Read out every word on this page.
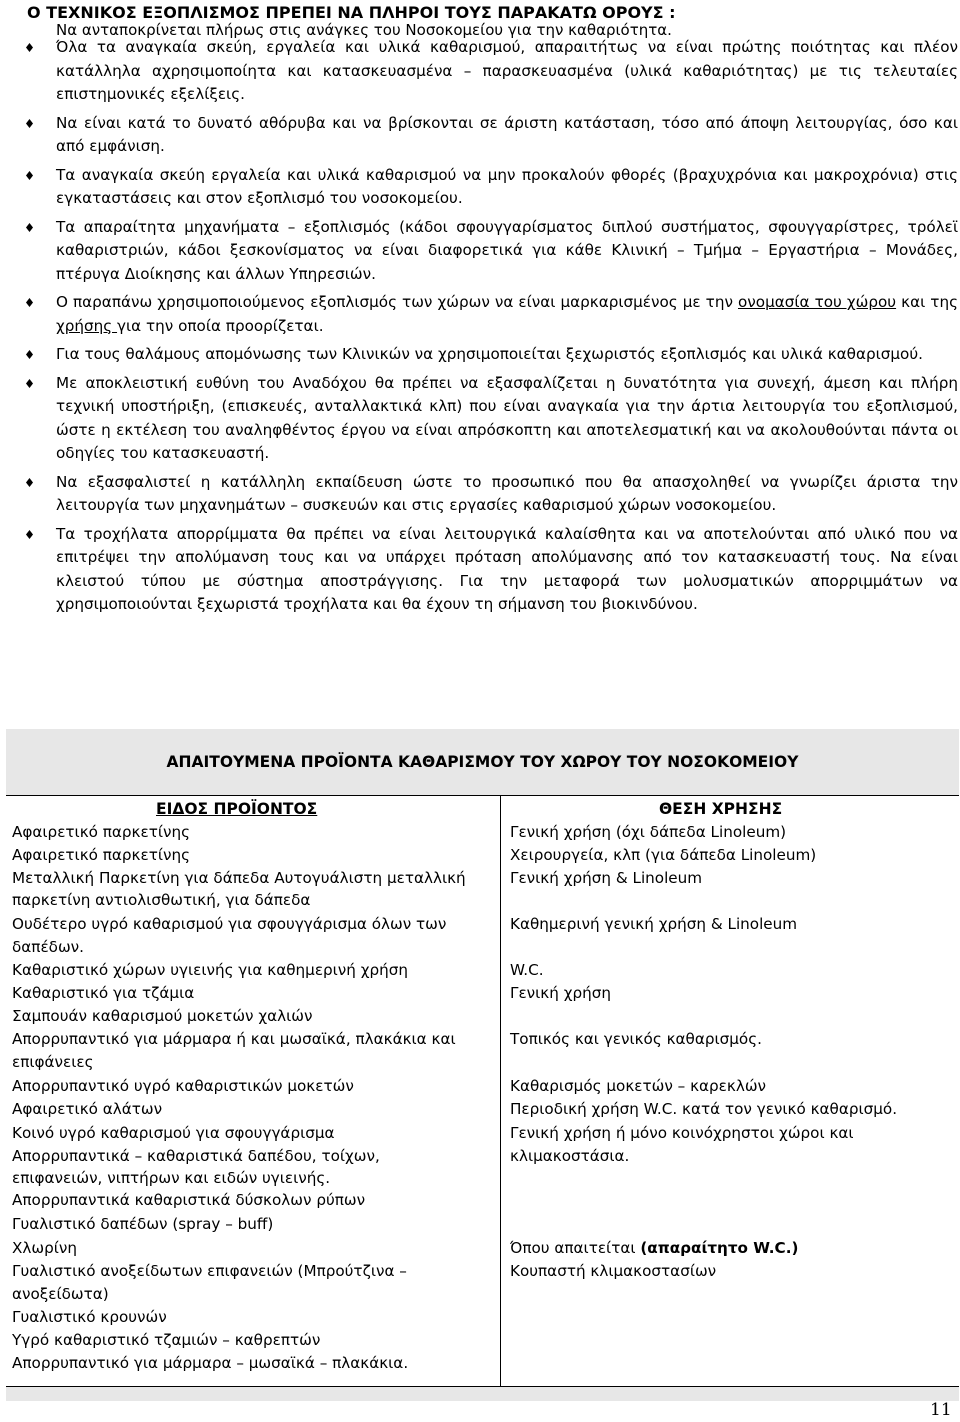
Ο ΤΕΧΝΙΚΟΣ ΕΞΟΠΛΙΣΜΟΣ ΠΡΕΠΕΙ ΝΑ ΠΛΗΡΟΙ ΤΟΥΣ ΠΑΡΑΚΑΤΩ ΟΡΟΥΣ :

Να ανταποκρίνεται πλήρως στις ανάγκες του Νοσοκομείου για την καθαριότητα.

Όλα τα αναγκαία σκεύη, εργαλεία και υλικά καθαρισμού, απαραιτήτως να είναι πρώτης ποιότητας και πλέον κατάλληλα αχρησιμοποίητα και κατασκευασμένα – παρασκευασμένα (υλικά καθαριότητας) με τις τελευταίες επιστημονικές εξελίξεις.
Να είναι κατά το δυνατό αθόρυβα και να βρίσκονται σε άριστη κατάσταση, τόσο από άποψη λειτουργίας, όσο και από εμφάνιση.
Τα αναγκαία σκεύη εργαλεία και υλικά καθαρισμού να μην προκαλούν φθορές (βραχυχρόνια και μακροχρόνια) στις εγκαταστάσεις και στον εξοπλισμό του νοσοκομείου.
Τα απαραίτητα μηχανήματα – εξοπλισμός (κάδοι σφουγγαρίσματος διπλού συστήματος, σφουγγαρίστρες, τρόλεϊ καθαριστριών, κάδοι ξεσκονίσματος να είναι διαφορετικά για κάθε Κλινική – Τμήμα – Εργαστήρια – Μονάδες, πτέρυγα Διοίκησης και άλλων Υπηρεσιών.
Ο παραπάνω χρησιμοποιούμενος εξοπλισμός των χώρων να είναι μαρκαρισμένος με την ονομασία του χώρου και της χρήσης για την οποία προορίζεται.
Για τους θαλάμους απομόνωσης των Κλινικών να χρησιμοποιείται ξεχωριστός εξοπλισμός και υλικά καθαρισμού.
Με αποκλειστική ευθύνη του Αναδόχου θα πρέπει να εξασφαλίζεται η δυνατότητα για συνεχή, άμεση και πλήρη τεχνική υποστήριξη, (επισκευές, ανταλλακτικά κλπ) που είναι αναγκαία για την άρτια λειτουργία του εξοπλισμού, ώστε η εκτέλεση του αναληφθέντος έργου να είναι απρόσκοπτη και αποτελεσματική και να ακολουθούνται πάντα οι οδηγίες του κατασκευαστή.
Να εξασφαλιστεί η κατάλληλη εκπαίδευση ώστε το προσωπικό που θα απασχοληθεί να γνωρίζει άριστα την λειτουργία των μηχανημάτων – συσκευών και στις εργασίες καθαρισμού χώρων νοσοκομείου.
Τα τροχήλατα απορρίμματα θα πρέπει να είναι λειτουργικά καλαίσθητα και να αποτελούνται από υλικό που να επιτρέψει την απολύμανση τους και να υπάρχει πρόταση απολύμανσης από τον κατασκευαστή τους. Να είναι κλειστού τύπου με σύστημα αποστράγγισης. Για την μεταφορά των μολυσματικών απορριμμάτων να χρησιμοποιούνται ξεχωριστά τροχήλατα και θα έχουν τη σήμανση του βιοκινδύνου.
ΑΠΑΙΤΟΥΜΕΝΑ ΠΡΟΪΟΝΤΑ ΚΑΘΑΡΙΣΜΟΥ ΤΟΥ ΧΩΡΟΥ ΤΟΥ ΝΟΣΟΚΟΜΕΙΟΥ
ΕΙΔΟΣ ΠΡΟΪΟΝΤΟΣ	ΘΕΣΗ ΧΡΗΣΗΣ
Αφαιρετικό παρκετίνης
Αφαιρετικό παρκετίνης
Μεταλλική Παρκετίνη για δάπεδα Αυτογυάλιστη μεταλλική
παρκετίνη αντιολισθωτική, για δάπεδα
Ουδέτερο υγρό καθαρισμού για σφουγγάρισμα όλων των
δαπέδων.
Καθαριστικό χώρων υγιεινής για καθημερινή χρήση
Καθαριστικό για τζάμια
Σαμπουάν καθαρισμού μοκετών χαλιών
Απορρυπαντικό για μάρμαρα ή και μωσαϊκά, πλακάκια και
επιφάνειες
Απορρυπαντικό υγρό καθαριστικών μοκετών
Αφαιρετικό αλάτων
Κοινό υγρό καθαρισμού για σφουγγάρισμα
Απορρυπαντικά – καθαριστικά δαπέδου, τοίχων,
επιφανειών, νιπτήρων και ειδών υγιεινής.
Απορρυπαντικά καθαριστικά δύσκολων ρύπων
Γυαλιστικό δαπέδων (spray – buff)
Χλωρίνη
Γυαλιστικό ανοξείδωτων επιφανειών (Μπρούτζινα –
ανοξείδωτα)
Γυαλιστικό κρουνών
Υγρό καθαριστικό τζαμιών – καθρεπτών
Απορρυπαντικό για μάρμαρα – μωσαϊκά – πλακάκια.
Γενική χρήση (όχι δάπεδα Linoleum)
Χειρουργεία, κλπ (για δάπεδα Linoleum)
Γενική χρήση & Linoleum
Καθημερινή γενική χρήση & Linoleum
W.C.
Γενική χρήση
Τοπικός και γενικός καθαρισμός.
Καθαρισμός μοκετών – καρεκλών
Περιοδική χρήση W.C. κατά τον γενικό καθαρισμό.
Γενική χρήση ή μόνο κοινόχρηστοι χώροι και
κλιμακοστάσια.
Όπου απαιτείται (απαραίτητο W.C.)
Κουπαστή κλιμακοστασίων
11
